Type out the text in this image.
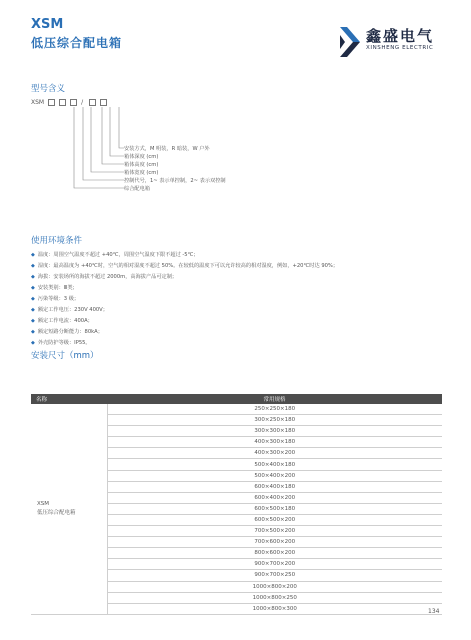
XSM
低压综合配电箱	鑫盛电气
XINSHENG ELECTRIC
型号含义
XSM	/
安装方式，M 明装，R 暗装，W 户外
箱体深度 (cm)
箱体高度 (cm)
箱体宽度 (cm)
控制代号，1~ 表示单控制，2~ 表示双控制
综合配电箱
使用环境条件
◆ 温度：周围空气温度不超过 +40℃，周围空气温度下限不超过 -5℃；
◆ 湿度：最高温度为 +40℃时，空气的相对湿度不超过 50%。在较低的温度下可以允许较高的相对湿度，例如，+20℃时达 90%；
◆ 海拔：安装场所的海拔不超过 2000m，高海拔产品可定制；
◆ 安装类别：Ⅲ类；
◆ 污染等级：3 级；
◆ 额定工作电压：230V 400V；
◆ 额定工作电流：400A；
◆ 额定短路分断能力：80kA；
◆ 外壳防护等级：IP55。
安装尺寸（mm）
名称	常用规格

XSM
低压综合配电箱	250×250×180
	300×250×180
	300×300×180
	400×300×180
	400×300×200
	500×400×180
	500×400×200
	600×400×180
	600×400×200
	600×500×180
	600×500×200
	700×500×200
	700×600×200
	800×600×200
	900×700×200
	900×700×250
	1000×800×200
	1000×800×250
	1000×800×300	134
